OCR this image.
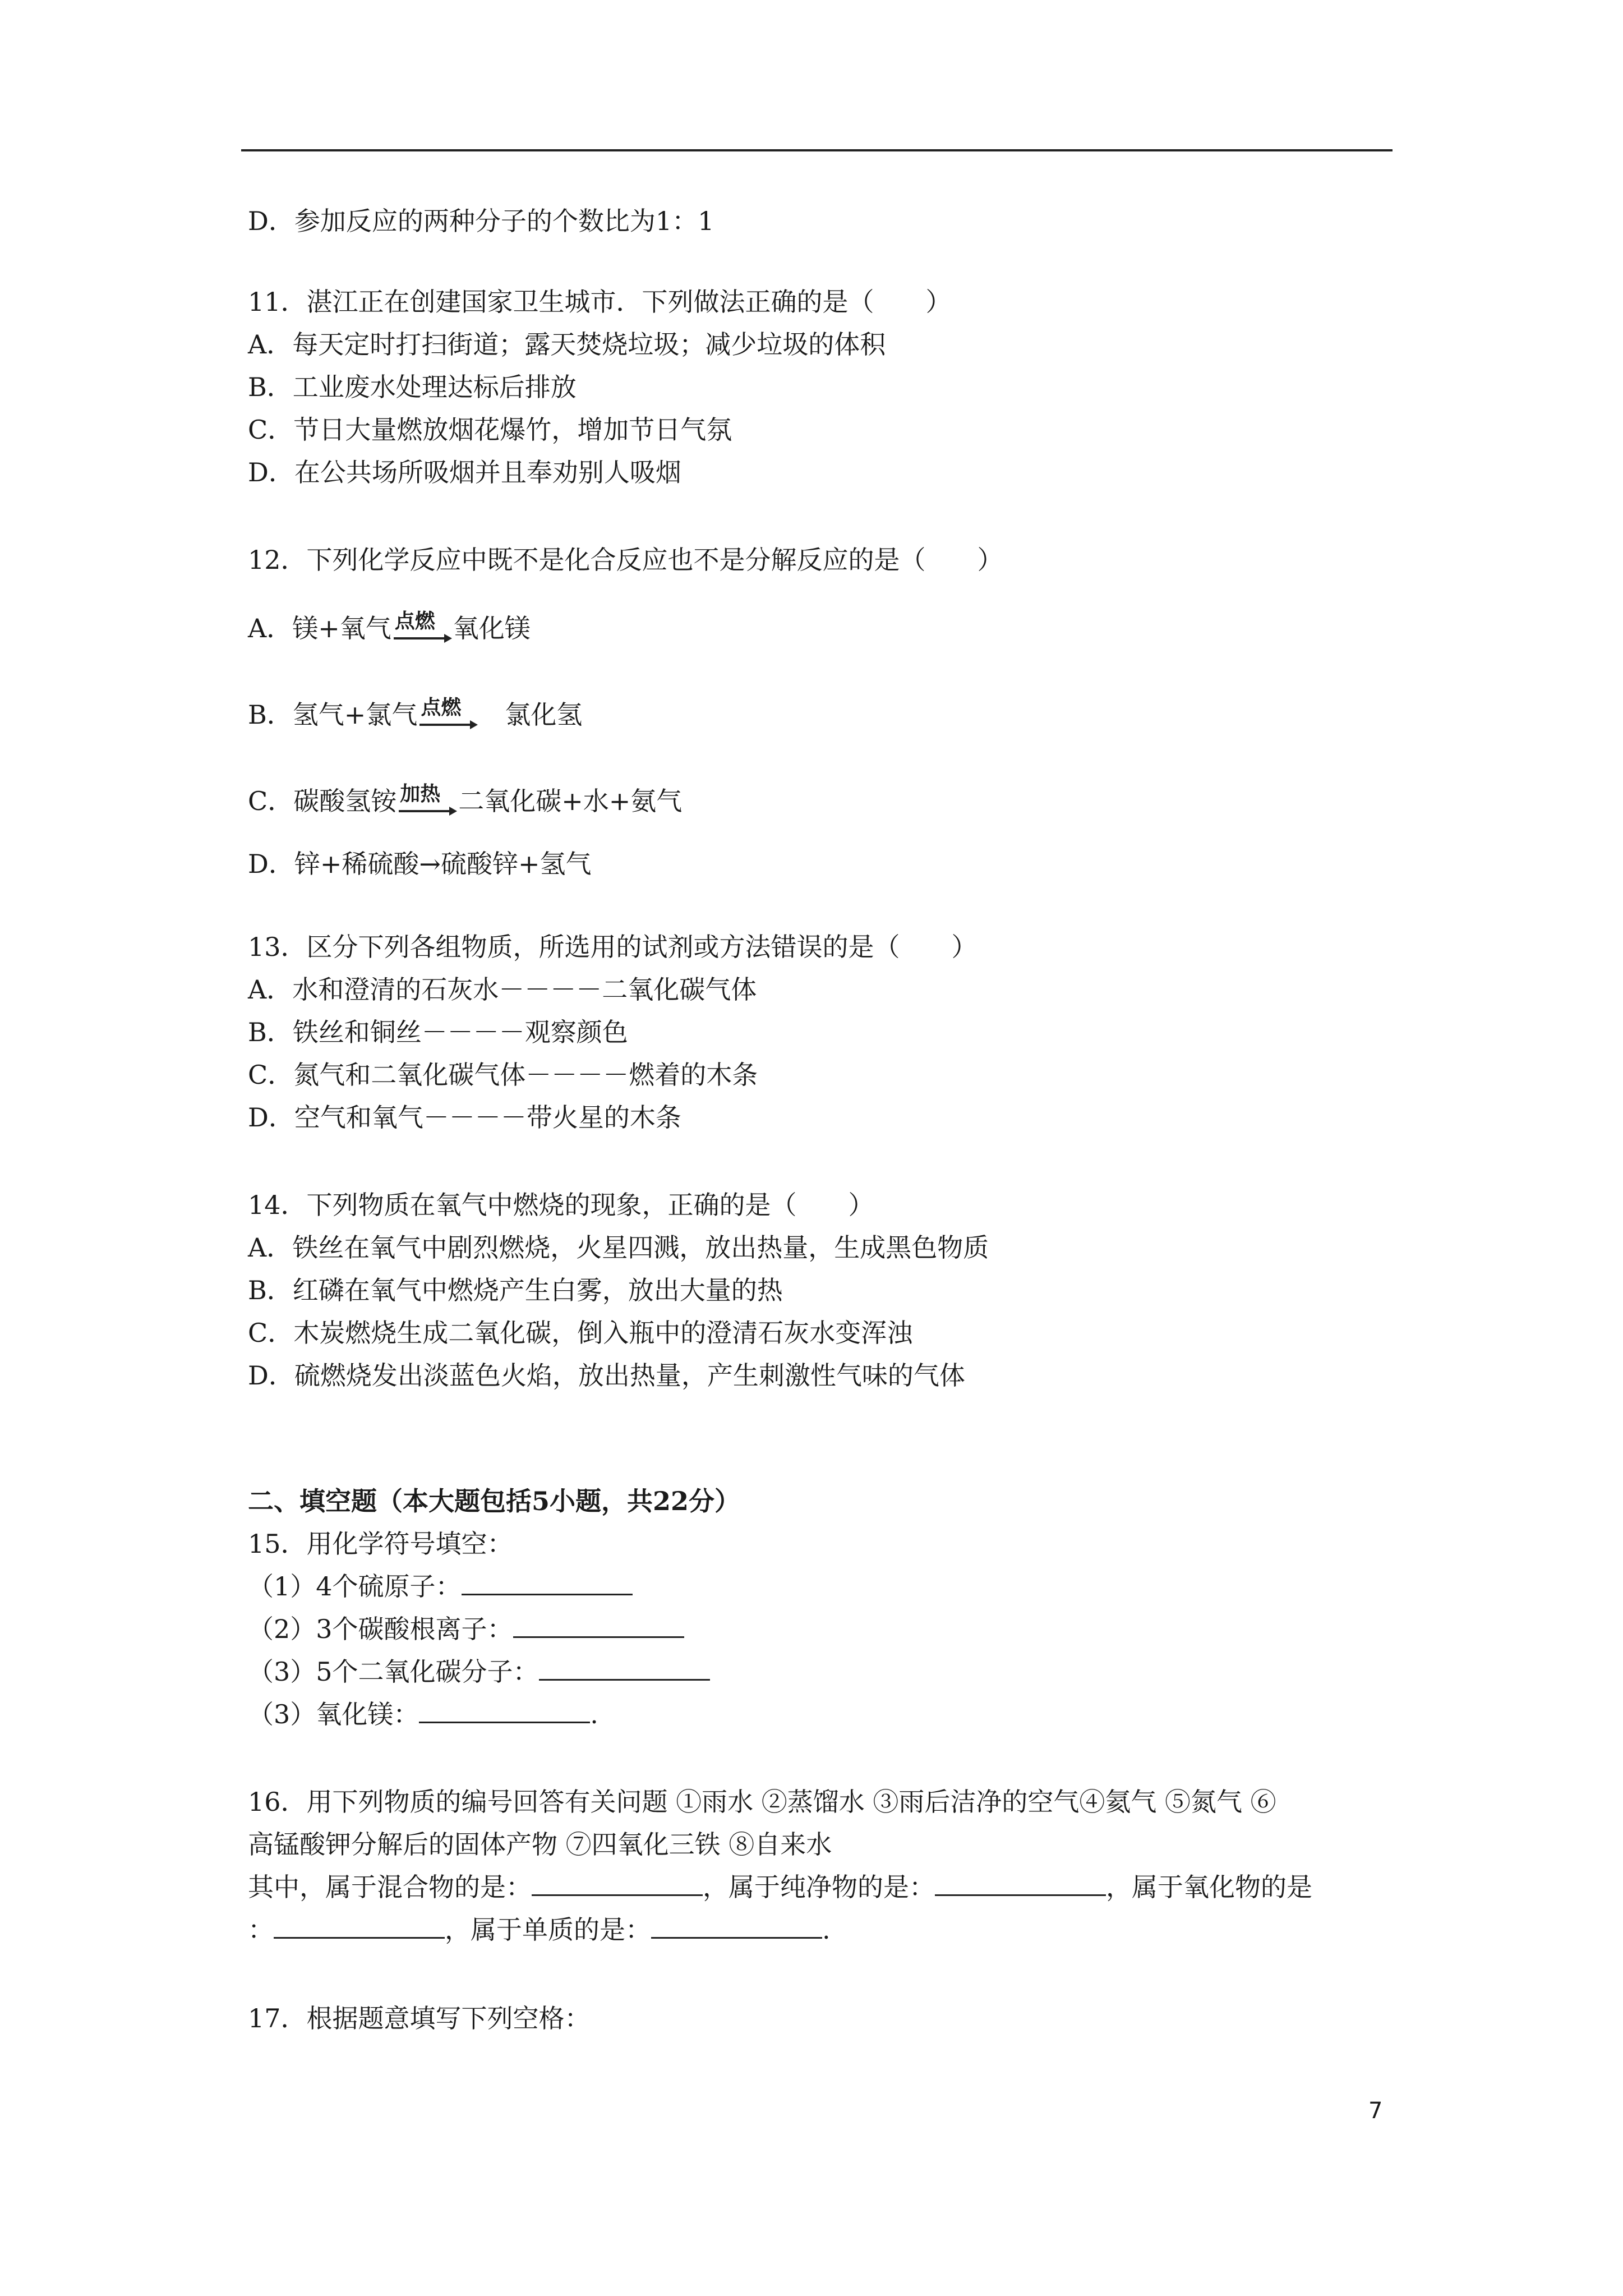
D．参加反应的两种分子的个数比为1：1
11．湛江正在创建国家卫生城市．下列做法正确的是（　　）
A．每天定时打扫街道；露天焚烧垃圾；减少垃圾的体积
B．工业废水处理达标后排放
C．节日大量燃放烟花爆竹，增加节日气氛
D．在公共场所吸烟并且奉劝别人吸烟
12．下列化学反应中既不是化合反应也不是分解反应的是（　　）
A．镁+氧气 点燃 氧化镁
B．氢气+氯气 点燃 　氯化氢
C．碳酸氢铵 加热 二氧化碳+水+氨气
D．锌+稀硫酸→硫酸锌+氢气
13．区分下列各组物质，所选用的试剂或方法错误的是（　　）
A．水和澄清的石灰水－－－－二氧化碳气体
B．铁丝和铜丝－－－－观察颜色
C．氮气和二氧化碳气体－－－－燃着的木条
D．空气和氧气－－－－带火星的木条
14．下列物质在氧气中燃烧的现象，正确的是（　　）
A．铁丝在氧气中剧烈燃烧，火星四溅，放出热量，生成黑色物质
B．红磷在氧气中燃烧产生白雾，放出大量的热
C．木炭燃烧生成二氧化碳，倒入瓶中的澄清石灰水变浑浊
D．硫燃烧发出淡蓝色火焰，放出热量，产生刺激性气味的气体
二、填空题（本大题包括5小题，共22分）
15．用化学符号填空：
（1）4个硫原子：
（2）3个碳酸根离子：
（3）5个二氧化碳分子：
（3）氧化镁：	.
16．用下列物质的编号回答有关问题 ①雨水 ②蒸馏水 ③雨后洁净的空气④氦气 ⑤氮气 ⑥
高锰酸钾分解后的固体产物 ⑦四氧化三铁 ⑧自来水
其中，属于混合物的是：	，属于纯净物的是：	，属于氧化物的是
：	，属于单质的是：	.
17．根据题意填写下列空格：
7
